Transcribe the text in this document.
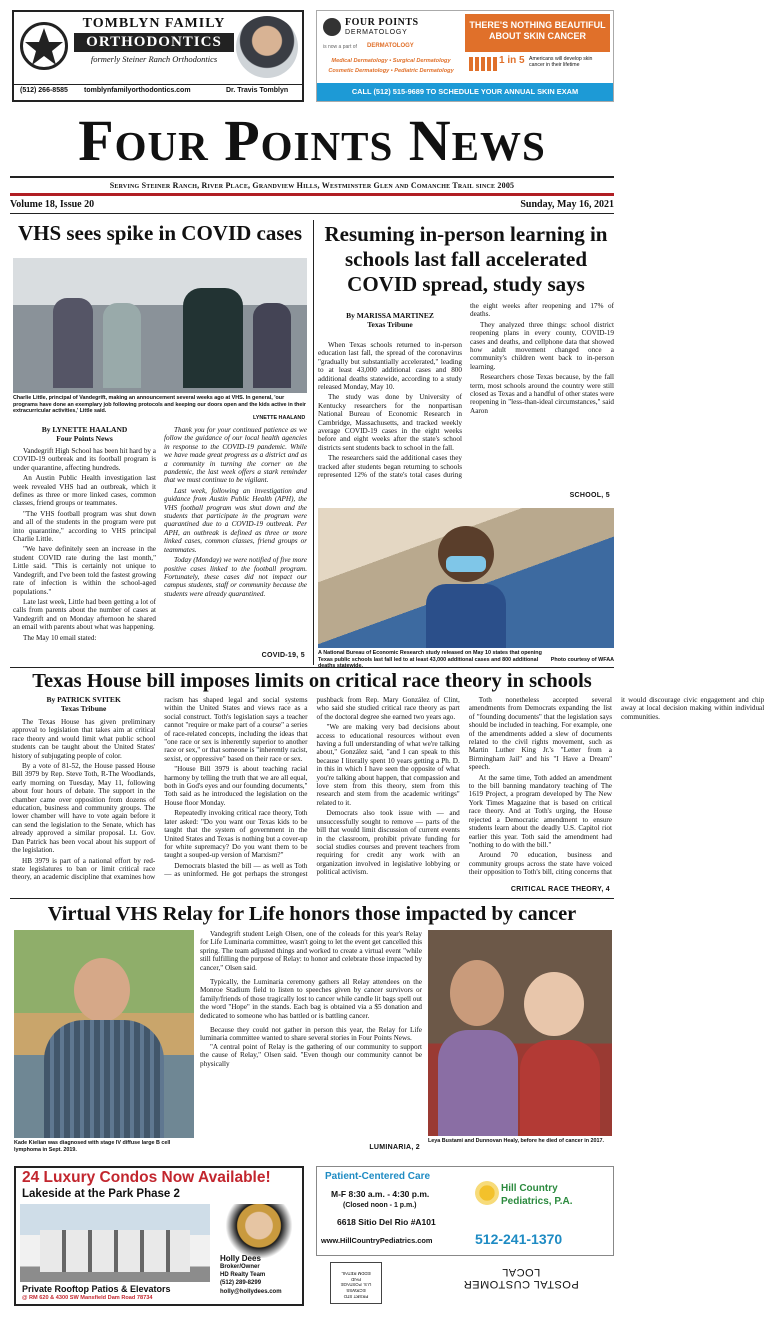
TOMBLYN FAMILY
ORTHODONTICS
formerly Steiner Ranch Orthodontics
(512) 266-8585 tomblynfamilyorthodontics.com	Dr. Travis Tomblyn
FOUR POINTS
DERMATOLOGY
is now a part of DERMATOLOGY
Medical Dermatology • Surgical Dermatology
Cosmetic Dermatology • Pediatric Dermatology
THERE'S NOTHING BEAUTIFUL ABOUT SKIN CANCER
1 in 5 Americans will develop skin cancer in their lifetime
CALL (512) 515-9689 TO SCHEDULE YOUR ANNUAL SKIN EXAM
Four Points News
Serving Steiner Ranch, River Place, Grandview Hills, Westminster Glen and Comanche Trail since 2005
Volume 18, Issue 20	Sunday, May 16, 2021
VHS sees spike in COVID cases
Charlie Little, principal of Vandegrift, making an announcement several weeks ago at VHS. In general, 'our programs have done an exemplary job following protocols and keeping our doors open and the kids active in their extracurricular activities,' Little said.
LYNETTE HAALAND
By LYNETTE HAALAND
Four Points News

Vandegrift High School has been hit hard by a COVID-19 outbreak and its football program is under quarantine, affecting hundreds.

An Austin Public Health investigation last week revealed VHS had an outbreak, which it defines as three or more linked cases, common classes, friend groups or teammates.

"The VHS football program was shut down and all of the students in the program were put into quarantine," according to VHS principal Charlie Little.

"We have definitely seen an increase in the student COVID rate during the last month," Little said. "This is certainly not unique to Vandegrift, and I've been told the fastest growing rate of infection is within the school-aged populations."

Late last week, Little had been getting a lot of calls from parents about the number of cases at Vandegrift and on Monday afternoon he shared an email with parents about what was happening.

The May 10 email stated:

Thank you for your continued patience as we follow the guidance of our local health agencies in response to the COVID-19 pandemic. While we have made great progress as a district and as a community in turning the corner on the pandemic, the last week offers a stark reminder that we must continue to be vigilant.

Last week, following an investigation and guidance from Austin Public Health (APH), the VHS football program was shut down and the students that participate in the program were quarantined due to a COVID-19 outbreak. Per APH, an outbreak is defined as three or more linked cases, common classes, friend groups or teammates.

Today (Monday) we were notified of five more positive cases linked to the football program. Fortunately, these cases did not impact our campus students, staff or community because the students were already quarantined.

COVID-19, 5
Resuming in-person learning in schools last fall accelerated COVID spread, study says
By MARISSA MARTINEZ
Texas Tribune

When Texas schools returned to in-person education last fall, the spread of the coronavirus "gradually but substantially accelerated," leading to at least 43,000 additional cases and 800 additional deaths statewide, according to a study released Monday, May 10.

The study was done by University of Kentucky researchers for the nonpartisan National Bureau of Economic Research in Cambridge, Massachusetts, and tracked weekly average COVID-19 cases in the eight weeks before and eight weeks after the state's school districts sent students back to school in the fall.

The researchers said the additional cases they tracked after students began returning to schools represented 12% of the state's total cases during the eight weeks after reopening and 17% of deaths.

They analyzed three things: school district reopening plans in every county, COVID-19 cases and deaths, and cellphone data that showed how adult movement changed once a community's children went back to in-person learning.

Researchers chose Texas because, by the fall term, most schools around the country were still closed as Texas and a handful of other states were reopening in "less-than-ideal circumstances," said Aaron

SCHOOL, 5
A National Bureau of Economic Research study released on May 10 states that opening Texas public schools last fall led to at least 43,000 additional cases and 800 additional	Photo courtesy of WFAA
Texas House bill imposes limits on critical race theory in schools
By PATRICK SVITEK
Texas Tribune

The Texas House has given preliminary approval to legislation that takes aim at critical race theory and would limit what public school students can be taught about the United States' history of subjugating people of color.

By a vote of 81-52, the House passed House Bill 3979 by Rep. Steve Toth, R-The Woodlands, early morning on Tuesday, May 11, following about four hours of debate. The support in the chamber came over opposition from dozens of education, business and community groups. The lower chamber will have to vote again before it can send the legislation to the Senate, which has already approved a similar proposal. Lt. Gov. Dan Patrick has been vocal about his support of the legislation.

HB 3979 is part of a national effort by red-state legislatures to ban or limit critical race theory, an academic discipline that examines how racism has shaped legal and social systems within the United States and views race as a social construct. Toth's legislation says a teacher cannot "require or make part of a course" a series of race-related concepts, including the ideas that "one race or sex is inherently superior to another race or sex," or that someone is "inherently racist, sexist, or oppressive" based on their race or sex.

"House Bill 3979 is about teaching racial harmony by telling the truth that we are all equal, both in God's eyes and our founding documents," Toth said as he introduced the legislation on the House floor Monday.

Repeatedly invoking critical race theory, Toth later asked: "Do you want our Texas kids to be taught that the system of government in the United States and Texas is nothing but a cover-up for white supremacy? Do you want them to be taught a souped-up version of Marxism?"

Democrats blasted the bill — as well as Toth — as uninformed. He got perhaps the strongest pushback from Rep. Mary González of Clint, who said she studied critical race theory as part of the doctoral degree she earned two years ago.

"We are making very bad decisions about access to educational resources without even having a full understanding of what we're talking about," González said, "and I can speak to this because I literally spent 10 years getting a Ph. D. in this in which I have seen the opposite of what you're talking about happen, that compassion and love stem from this theory, stem from this research and stem from the academic writings" related to it.

Democrats also took issue with — and unsuccessfully sought to remove — parts of the bill that would limit discussion of current events in the classroom, prohibit private funding for social studies courses and prevent teachers from requiring for credit any work with an organization involved in legislative lobbying or political activism.

Toth nonetheless accepted several amendments from Democrats expanding the list of "founding documents" that the legislation says should be included in teaching. For example, one of the amendments added a slew of documents related to the civil rights movement, such as Martin Luther King Jr.'s "Letter from a Birmingham Jail" and his "I Have a Dream" speech.

At the same time, Toth added an amendment to the bill banning mandatory teaching of The 1619 Project, a program developed by The New York Times Magazine that is based on critical race theory. And at Toth's urging, the House rejected a Democratic amendment to ensure students learn about the deadly U.S. Capitol riot earlier this year. Toth said the amendment had "nothing to do with the bill."

Around 70 education, business and community groups across the state have voiced their opposition to Toth's bill, citing concerns that it would discourage civic engagement and chip away at local decision making within individual communities.

CRITICAL RACE THEORY, 4
Virtual VHS Relay for Life honors those impacted by cancer
Kade Kielian was diagnosed with stage IV diffuse large B cell lymphoma in Sept. 2019.

Vandegrift student Leigh Olsen, one of the coleads for this year's Relay for Life Luminaria committee, wasn't going to let the event get cancelled this spring. The team adjusted things and worked to create a virtual event "while still fulfilling the purpose of Relay: to honor and celebrate those impacted by cancer," Olsen said.

Typically, the Luminaria ceremony gathers all Relay attendees on the Monroe Stadium field to listen to speeches given by cancer survivors or family/friends of those tragically lost to cancer while candle lit bags spell out the word "Hope" in the stands. Each bag is obtained via a $5 donation and dedicated to someone who has battled or is battling cancer.

Because they could not gather in person this year, the Relay for Life luminaria committee wanted to share several stories in Four Points News.

"A central point of Relay is the gathering of our community to support the cause of Relay," Olsen said. "Even though our community cannot be physically

LUMINARIA, 2
Leya Bustami and Dunnovan Healy, before he died of cancer in 2017.
24 Luxury Condos Now Available!
Lakeside at the Park Phase 2
Holly Dees
Broker/Owner
HD Realty Team
(512) 289-8299
holly@hollydees.com
Private Rooftop Patios & Elevators
@ RM 620 & 4300 SW Mansfield Dam Road 78734
Patient-Centered Care
M-F 8:30 a.m. - 4:30 p.m.
(Closed noon - 1 p.m.)
6618 Sitio Del Rio #A101
www.HillCountryPediatrics.com
Hill Country
Pediatrics, P.A.
512-241-1370
PRSRT STD
ECRWSS
U.S. POSTAGE
PAID
EDDM RETAIL
POSTAL CUSTOMER
LOCAL
